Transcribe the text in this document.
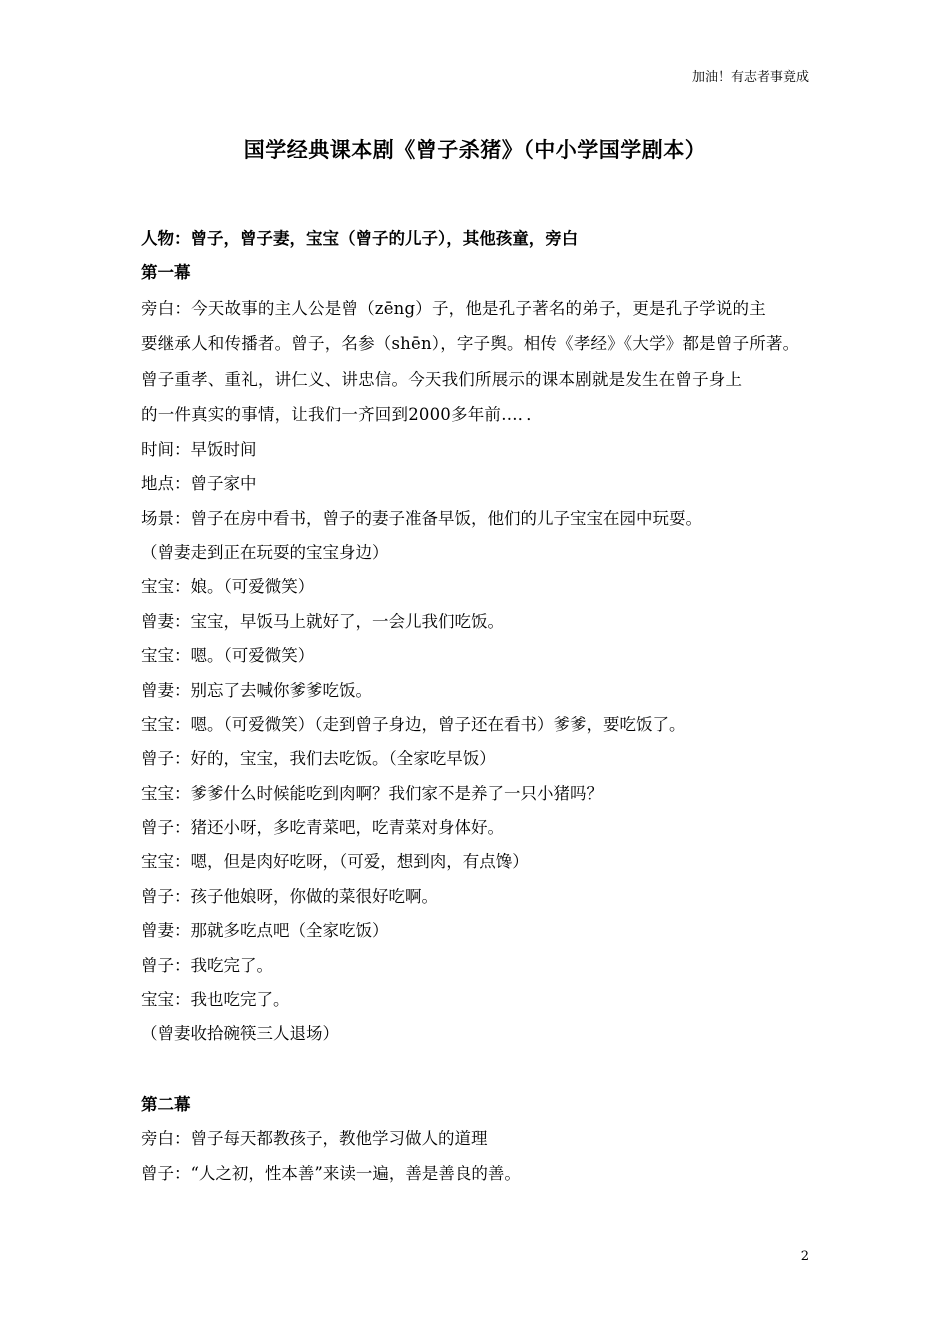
加油！有志者事竟成
国学经典课本剧《曾子杀猪》（中小学国学剧本）
人物：曾子，曾子妻，宝宝（曾子的儿子），其他孩童，旁白
第一幕
旁白：今天故事的主人公是曾（zēng）子，他是孔子著名的弟子，更是孔子学说的主
要继承人和传播者。曾子，名参（shēn），字子舆。相传《孝经》《大学》都是曾子所著。
曾子重孝、重礼，讲仁义、讲忠信。今天我们所展示的课本剧就是发生在曾子身上
的一件真实的事情，让我们一齐回到2000多年前…．．
时间：早饭时间
地点：曾子家中
场景：曾子在房中看书，曾子的妻子准备早饭，他们的儿子宝宝在园中玩耍。
（曾妻走到正在玩耍的宝宝身边）
宝宝：娘。（可爱微笑）
曾妻：宝宝，早饭马上就好了，一会儿我们吃饭。
宝宝：嗯。（可爱微笑）
曾妻：别忘了去喊你爹爹吃饭。
宝宝：嗯。（可爱微笑）（走到曾子身边，曾子还在看书）爹爹，要吃饭了。
曾子：好的，宝宝，我们去吃饭。（全家吃早饭）
宝宝：爹爹什么时候能吃到肉啊？我们家不是养了一只小猪吗？
曾子：猪还小呀，多吃青菜吧，吃青菜对身体好。
宝宝：嗯，但是肉好吃呀，（可爱，想到肉，有点馋）
曾子：孩子他娘呀，你做的菜很好吃啊。
曾妻：那就多吃点吧（全家吃饭）
曾子：我吃完了。
宝宝：我也吃完了。
（曾妻收拾碗筷三人退场）
第二幕
旁白：曾子每天都教孩子，教他学习做人的道理
曾子：“人之初，性本善”来读一遍，善是善良的善。
2
